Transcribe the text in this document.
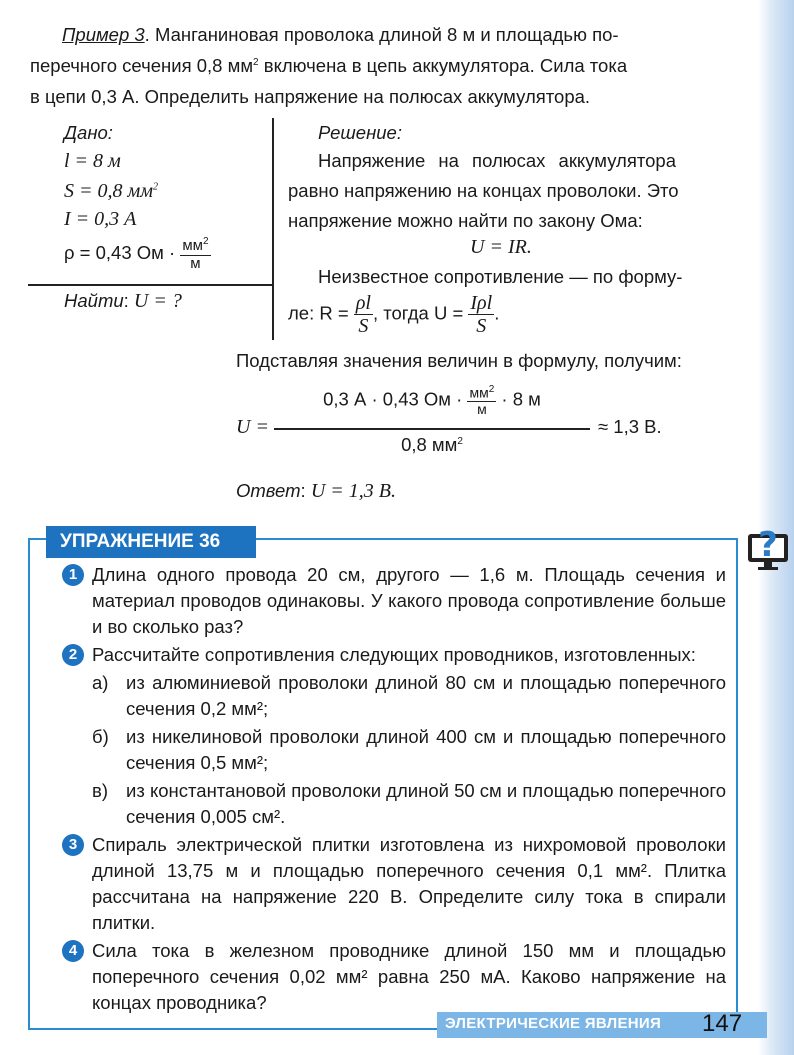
Пример 3. Манганиновая проволока длиной 8 м и площадью по-
перечного сечения 0,8 $мм^2$ включена в цепь аккумулятора. Сила тока
в цепи 0,3 А. Определить напряжение на полюсах аккумулятора.
Дано:
l = 8 м
S = 0,8 $мм^2$
I = 0,3 А
ρ = 0,43 Ом · $\frac{мм^2}{м}$
Найти: U = ?
Решение:
Напряжение на полюсах аккумулятора
равно напряжению на концах проволоки. Это
напряжение можно найти по закону Ома:
U = IR.
Неизвестное сопротивление — по форму-
ле: $R = \frac{\rho l}{S}$ , тогда $U = \frac{\text{Iρl}}{S}$ .
Подставляя значения величин в формулу, получим:
U =
0,3 А · 0,43 Ом · $\frac{мм^2}{м} \cdot 8$ м
0,8 $мм^2$
≈ 1,3 В.
Ответ: U = 1,3 В.
1 Длина одного провода 20 см, другого — 1,6 м. Площадь сечения и материал проводов одинаковы. У какого провода сопротивление больше и во сколько раз?
2 Рассчитайте сопротивления следующих проводников, изготовленных:
а) из алюминиевой проволоки длиной 80 см и площадью поперечного сечения 0,2 мм²;
б) из никелиновой проволоки длиной 400 см и площадью поперечного сечения 0,5 мм²;
в) из константановой проволоки длиной 50 см и площадью поперечного сечения 0,005 см².
3 Спираль электрической плитки изготовлена из нихромовой проволоки длиной 13,75 м и площадью поперечного сечения 0,1 мм². Плитка рассчитана на напряжение 220 В. Определите силу тока в спирали плитки.
4 Сила тока в железном проводнике длиной 150 мм и площадью поперечного сечения 0,02 мм² равна 250 мА. Каково напряжение на концах проводника?
УПРАЖНЕНИЕ 36	?
ЭЛЕКТРИЧЕСКИЕ ЯВЛЕНИЯ 147
